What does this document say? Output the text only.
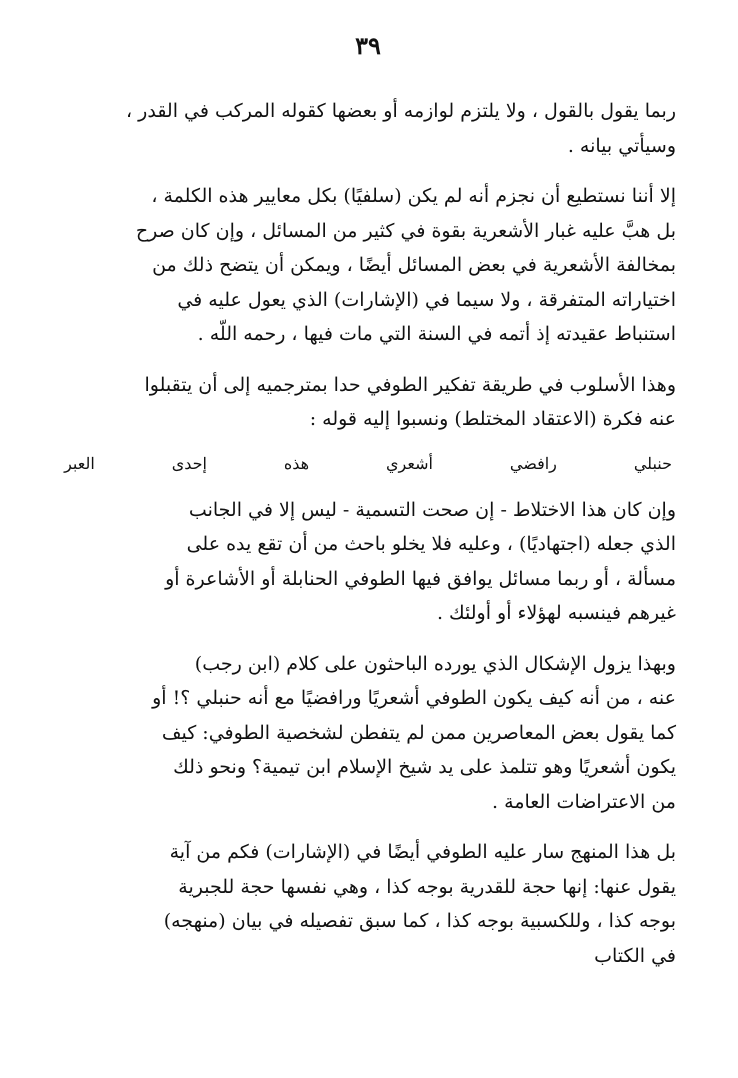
٣٩

ربما يقول بالقول ، ولا يلتزم لوازمه أو بعضها كقوله المركب في القدر ،

وسيأتي بيانه .

إلا أننا نستطيع أن نجزم أنه لم يكن (سلفيًا) بكل معايير هذه الكلمة ،

بل هبَّ عليه غبار الأشعرية بقوة في كثير من المسائل ، وإن كان صرح

بمخالفة الأشعرية في بعض المسائل أيضًا ، ويمكن أن يتضح ذلك من

اختياراته المتفرقة ، ولا سيما في (الإشارات) الذي يعول عليه في

استنباط عقيدته إذ أتمه في السنة التي مات فيها ، رحمه اللّه .

وهذا الأسلوب في طريقة تفكير الطوفي حدا بمترجميه إلى أن يتقبلوا

عنه فكرة (الاعتقاد المختلط) ونسبوا إليه قوله :

حنبلي
رافضي
أشعري
هذه
إحدى
العبر

وإن كان هذا الاختلاط - إن صحت التسمية - ليس إلا في الجانب

الذي جعله (اجتهاديًا) ، وعليه فلا يخلو باحث من أن تقع يده على

مسألة ، أو ربما مسائل يوافق فيها الطوفي الحنابلة أو الأشاعرة أو

غيرهم فينسبه لهؤلاء أو أولئك .

وبهذا يزول الإشكال الذي يورده الباحثون على كلام (ابن رجب)

عنه ، من أنه كيف يكون الطوفي أشعريًا ورافضيًا مع أنه حنبلي ؟! أو

كما يقول بعض المعاصرين ممن لم يتفطن لشخصية الطوفي: كيف

يكون أشعريًا وهو تتلمذ على يد شيخ الإسلام ابن تيمية؟ ونحو ذلك

من الاعتراضات العامة .

بل هذا المنهج سار عليه الطوفي أيضًا في (الإشارات) فكم من آية

يقول عنها: إنها حجة للقدرية بوجه كذا ، وهي نفسها حجة للجبرية

بوجه كذا ، وللكسبية بوجه كذا ، كما سبق تفصيله في بيان (منهجه)

في الكتاب
